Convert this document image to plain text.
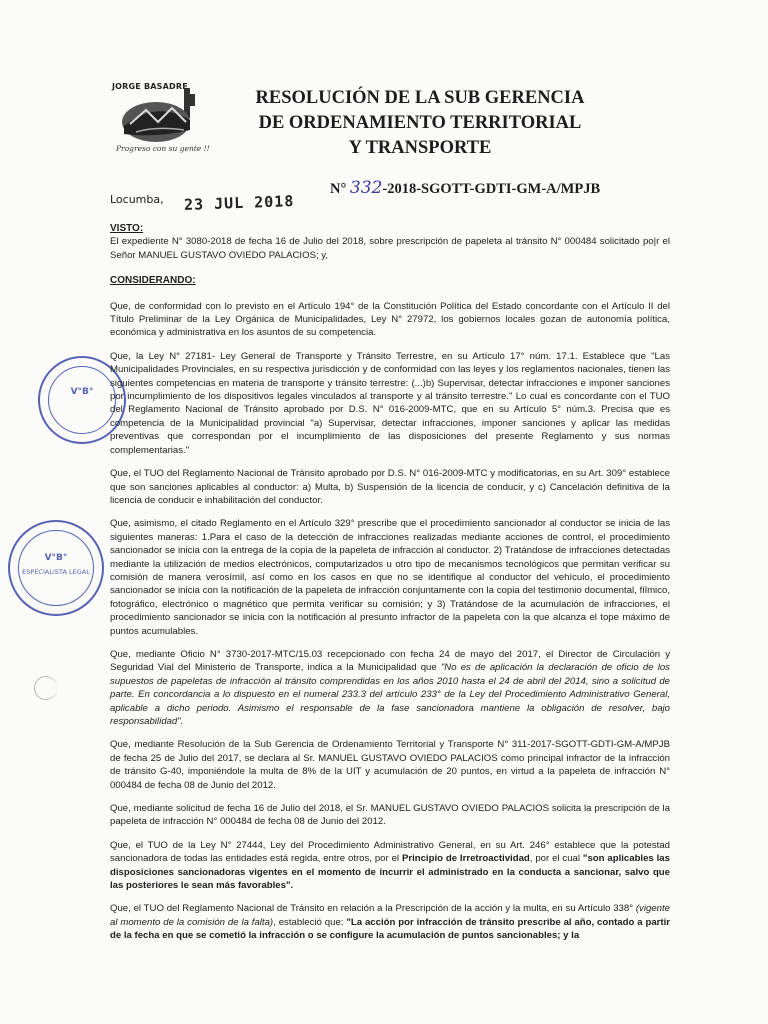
JORGE BASADRE
Progreso con su gente !!
RESOLUCIÓN DE LA SUB GERENCIA
DE ORDENAMIENTO TERRITORIAL
Y TRANSPORTE
N° 332-2018-SGOTT-GDTI-GM-A/MPJB
Locumba, 23 JUL 2018
V°B°
V°B°
ESPECIALISTA LEGAL

VISTO:

El expediente N° 3080-2018 de fecha 16 de Julio del 2018, sobre prescripción de papeleta al tránsito N° 000484 solicitado po|r el Señor MANUEL GUSTAVO OVIEDO PALACIOS; y,

CONSIDERANDO:

Que, de conformidad con lo previsto en el Artículo 194° de la Constitución Política del Estado concordante con el Artículo II del Título Preliminar de la Ley Orgánica de Municipalidades, Ley N° 27972, los gobiernos locales gozan de autonomía política, económica y administrativa en los asuntos de su competencia.

Que, la Ley N° 27181- Ley General de Transporte y Tránsito Terrestre, en su Artículo 17° núm. 17.1. Establece que "Las Municipalidades Provinciales, en su respectiva jurisdicción y de conformidad con las leyes y los reglamentos nacionales, tienen las siguientes competencias en materia de transporte y tránsito terrestre: (...)b) Supervisar, detectar infracciones e imponer sanciones por incumplimiento de los dispositivos legales vinculados al transporte y al tránsito terrestre." Lo cual es concordante con el TUO del Reglamento Nacional de Tránsito aprobado por D.S. N° 016-2009-MTC, que en su Artículo 5° núm.3. Precisa que es competencia de la Municipalidad provincial "a) Supervisar, detectar infracciones, imponer sanciones y aplicar las medidas preventivas que correspondan por el incumplimiento de las disposiciones del presente Reglamento y sus normas complementarias."

Que, el TUO del Reglamento Nacional de Tránsito aprobado por D.S. N° 016-2009-MTC y modificatorias, en su Art. 309° establece que son sanciones aplicables al conductor: a) Multa, b) Suspensión de la licencia de conducir, y c) Cancelación definitiva de la licencia de conducir e inhabilitación del conductor.

Que, asimismo, el citado Reglamento en el Artículo 329° prescribe que el procedimiento sancionador al conductor se inicia de las siguientes maneras: 1.Para el caso de la detección de infracciones realizadas mediante acciones de control, el procedimiento sancionador se inicia con la entrega de la copia de la papeleta de infracción al conductor. 2) Tratándose de infracciones detectadas mediante la utilización de medios electrónicos, computarizados u otro tipo de mecanismos tecnológicos que permitan verificar su comisión de manera verosímil, así como en los casos en que no se identifique al conductor del vehículo, el procedimiento sancionador se inicia con la notificación de la papeleta de infracción conjuntamente con la copia del testimonio documental, fílmico, fotográfico, electrónico o magnético que permita verificar su comisión; y 3) Tratándose de la acumulación de infracciones, el procedimiento sancionador se inicia con la notificación al presunto infractor de la papeleta con la que alcanza el tope máximo de puntos acumulables.

Que, mediante Oficio N° 3730-2017-MTC/15.03 recepcionado con fecha 24 de mayo del 2017, el Director de Circulación y Seguridad Vial del Ministerio de Transporte, indica a la Municipalidad que "No es de aplicación la declaración de oficio de los supuestos de papeletas de infracción al tránsito comprendidas en los años 2010 hasta el 24 de abril del 2014, sino a solicitud de parte. En concordancia a lo dispuesto en el numeral 233.3 del artículo 233° de la Ley del Procedimiento Administrativo General, aplicable a dicho periodo. Asimismo el responsable de la fase sancionadora mantiene la obligación de resolver, bajo responsabilidad".

Que, mediante Resolución de la Sub Gerencia de Ordenamiento Territorial y Transporte N° 311-2017-SGOTT-GDTI-GM-A/MPJB de fecha 25 de Julio del 2017, se declara al Sr. MANUEL GUSTAVO OVIEDO PALACIOS como principal infractor de la infracción de tránsito G-40, imponiéndole la multa de 8% de la UIT y acumulación de 20 puntos, en virtud a la papeleta de infracción N° 000484 de fecha 08 de Junio del 2012.

Que, mediante solicitud de fecha 16 de Julio del 2018, el Sr. MANUEL GUSTAVO OVIEDO PALACIOS solicita la prescripción de la papeleta de infracción N° 000484 de fecha 08 de Junio del 2012.

Que, el TUO de la Ley N° 27444, Ley del Procedimiento Administrativo General, en su Art. 246° establece que la potestad sancionadora de todas las entidades está regida, entre otros, por el Principio de Irretroactividad, por el cual "son aplicables las disposiciones sancionadoras vigentes en el momento de incurrir el administrado en la conducta a sancionar, salvo que las posteriores le sean más favorables".

Que, el TUO del Reglamento Nacional de Tránsito en relación a la Prescripción de la acción y la multa, en su Artículo 338° (vigente al momento de la comisión de la falta), estableció que: "La acción por infracción de tránsito prescribe al año, contado a partir de la fecha en que se cometió la infracción o se configure la acumulación de puntos sancionables; y la
